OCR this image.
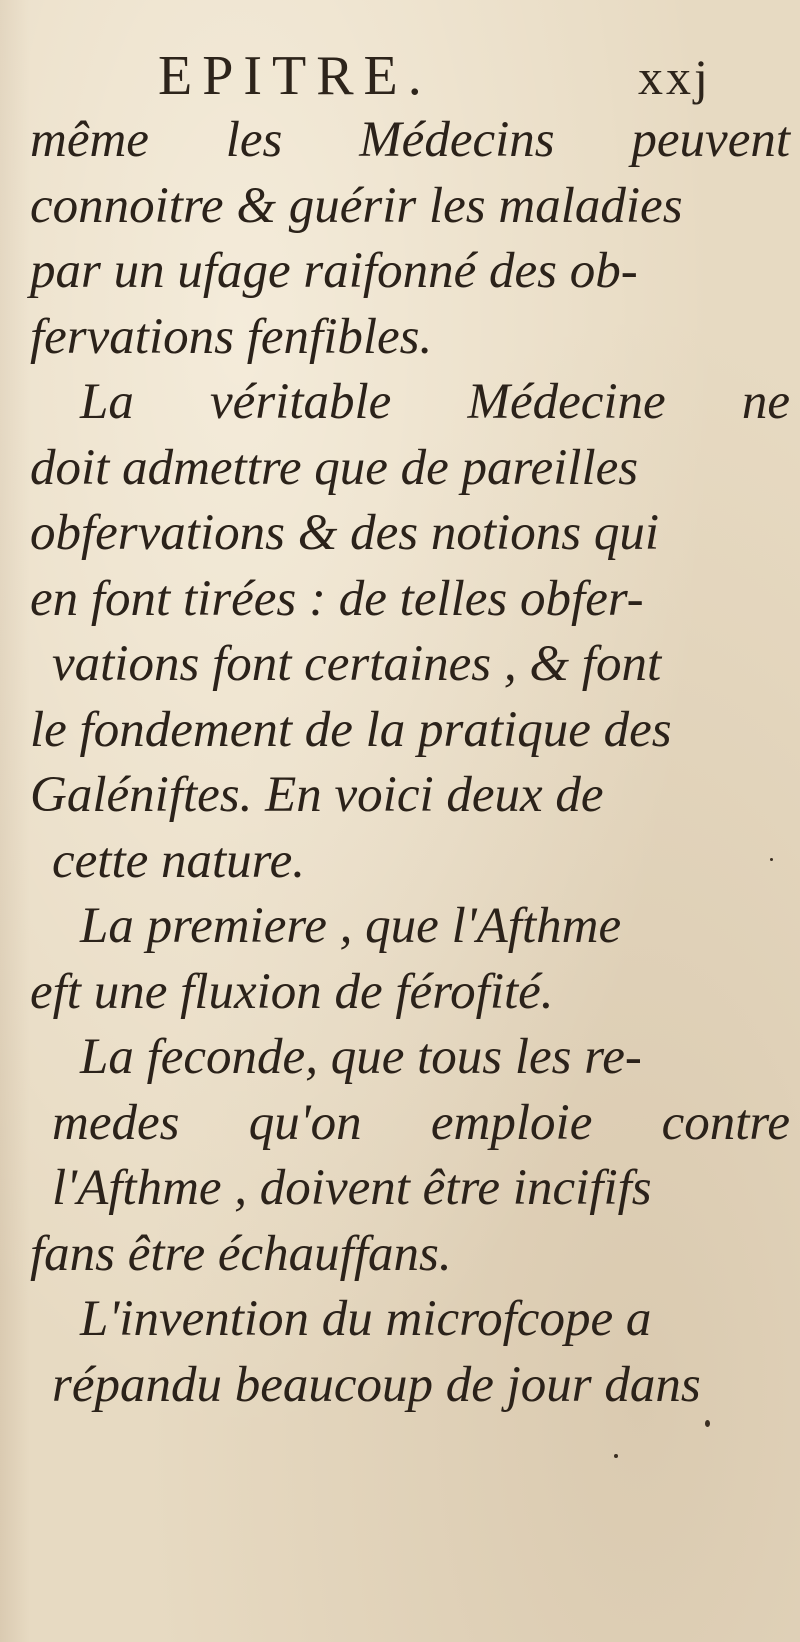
EPITRE.	xxj
même les Médecins peuvent
connoitre & guérir les maladies
par un ufage raifonné des ob-
fervations fenfibles.
La véritable Médecine ne
doit admettre que de pareilles
obfervations & des notions qui
en font tirées : de telles obfer-
vations font certaines , & font
le fondement de la pratique des
Galéniftes. En voici deux de
cette nature.
La premiere , que l'Afthme
eft une fluxion de férofité.
La feconde, que tous les re-
medes qu'on emploie contre
l'Afthme , doivent être incififs
fans être échauffans.
L'invention du microfcope a
répandu beaucoup de jour dans
